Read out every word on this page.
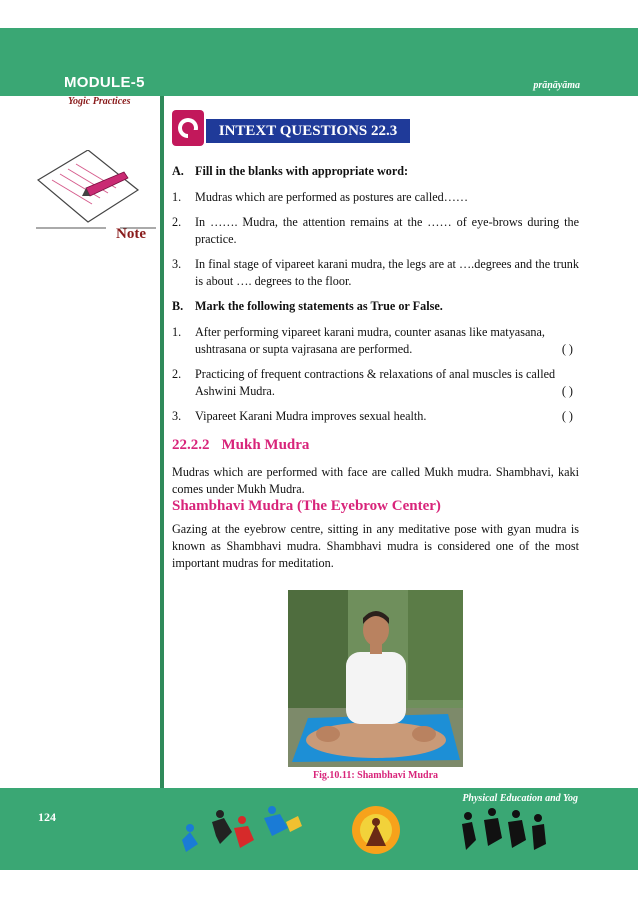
MODULE-5	prāṇāyāma
Yogic Practices
Note
INTEXT QUESTIONS 22.3
A. Fill in the blanks with appropriate word:
1.	Mudras which are performed as postures are called……
2.	In ……. Mudra, the attention remains at the …… of eye-brows during the practice.
3.	In final stage of vipareet karani mudra, the legs are at ….degrees and the trunk is about …. degrees to the floor.
B. Mark the following statements as True or False.
1.	After performing vipareet karani mudra, counter asanas like matyasana,
ushtrasana or supta vajrasana are performed.	( )
2.	Practicing of frequent contractions & relaxations of anal muscles is called
Ashwini Mudra.	( )
3.	Vipareet Karani Mudra improves sexual health.	( )
22.2.2 Mukh Mudra

Mudras which are performed with face are called Mukh mudra. Shambhavi, kaki comes under Mukh Mudra.

Shambhavi Mudra (The Eyebrow Center)

Gazing at the eyebrow centre, sitting in any meditative pose with gyan mudra is known as Shambhavi mudra. Shambhavi mudra is considered one of the most important mudras for meditation.

Fig.10.11: Shambhavi Mudra
124
Physical Education and Yog
